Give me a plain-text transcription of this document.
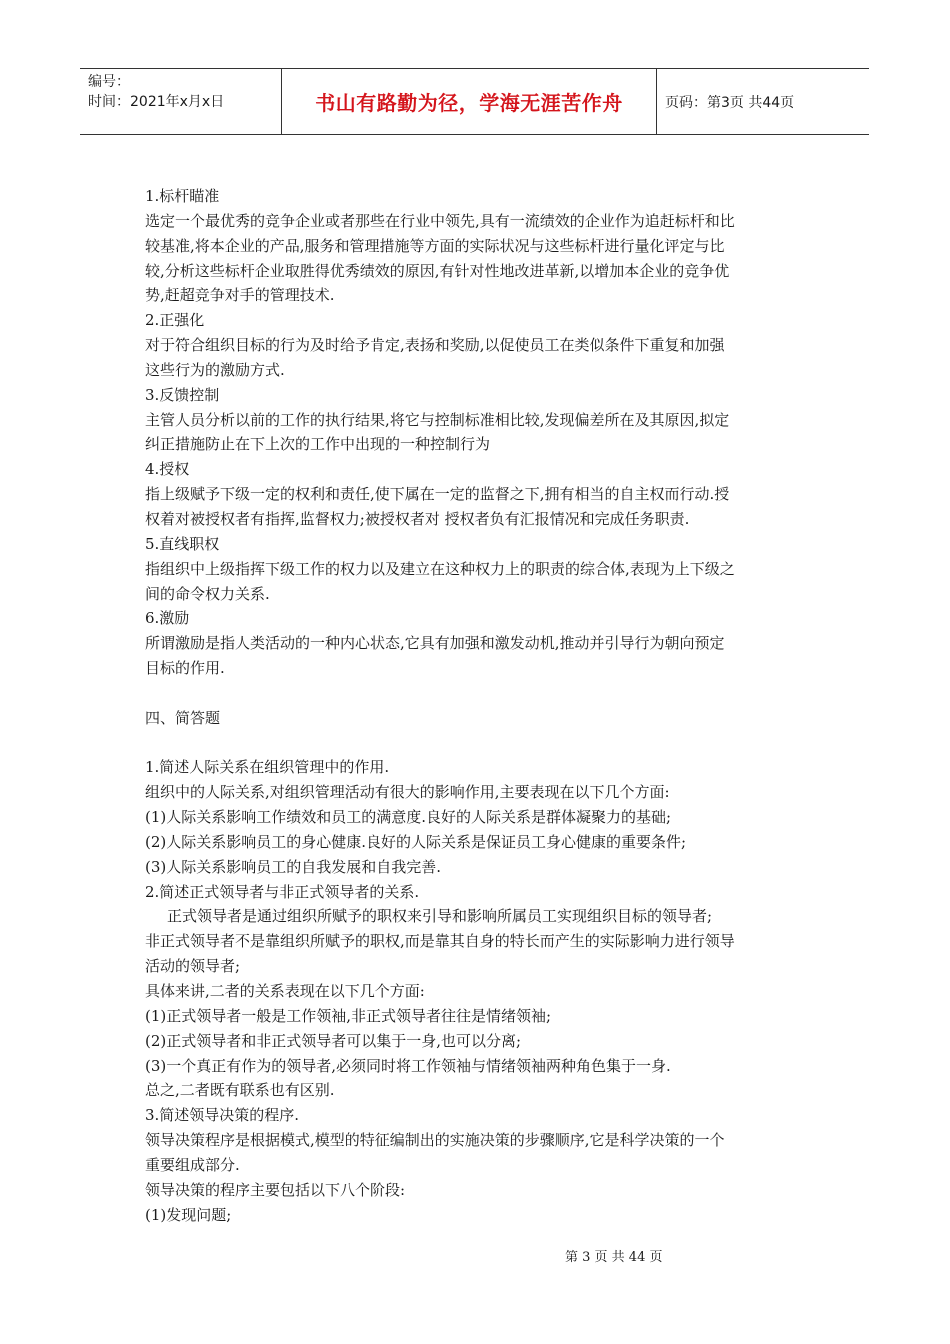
编号：
时间：2021年x月x日	书山有路勤为径，学海无涯苦作舟	页码：第3页 共44页
1.标杆瞄准
选定一个最优秀的竞争企业或者那些在行业中领先,具有一流绩效的企业作为追赶标杆和比
较基准,将本企业的产品,服务和管理措施等方面的实际状况与这些标杆进行量化评定与比
较,分析这些标杆企业取胜得优秀绩效的原因,有针对性地改进革新,以增加本企业的竞争优
势,赶超竞争对手的管理技术.
2.正强化
对于符合组织目标的行为及时给予肯定,表扬和奖励,以促使员工在类似条件下重复和加强
这些行为的激励方式.
3.反馈控制
主管人员分析以前的工作的执行结果,将它与控制标准相比较,发现偏差所在及其原因,拟定
纠正措施防止在下上次的工作中出现的一种控制行为
4.授权
指上级赋予下级一定的权利和责任,使下属在一定的监督之下,拥有相当的自主权而行动.授
权着对被授权者有指挥,监督权力;被授权者对 授权者负有汇报情况和完成任务职责.
5.直线职权
指组织中上级指挥下级工作的权力以及建立在这种权力上的职责的综合体,表现为上下级之
间的命令权力关系.
6.激励
所谓激励是指人类活动的一种内心状态,它具有加强和激发动机,推动并引导行为朝向预定
目标的作用.
四、简答题
1.简述人际关系在组织管理中的作用.
组织中的人际关系,对组织管理活动有很大的影响作用,主要表现在以下几个方面:
(1)人际关系影响工作绩效和员工的满意度.良好的人际关系是群体凝聚力的基础;
(2)人际关系影响员工的身心健康.良好的人际关系是保证员工身心健康的重要条件;
(3)人际关系影响员工的自我发展和自我完善.
2.简述正式领导者与非正式领导者的关系.
正式领导者是通过组织所赋予的职权来引导和影响所属员工实现组织目标的领导者;
非正式领导者不是靠组织所赋予的职权,而是靠其自身的特长而产生的实际影响力进行领导
活动的领导者;
具体来讲,二者的关系表现在以下几个方面:
(1)正式领导者一般是工作领袖,非正式领导者往往是情绪领袖;
(2)正式领导者和非正式领导者可以集于一身,也可以分离;
(3)一个真正有作为的领导者,必须同时将工作领袖与情绪领袖两种角色集于一身.
总之,二者既有联系也有区别.
3.简述领导决策的程序.
领导决策程序是根据模式,模型的特征编制出的实施决策的步骤顺序,它是科学决策的一个
重要组成部分.
领导决策的程序主要包括以下八个阶段:
(1)发现问题;
第 3 页 共 44 页
